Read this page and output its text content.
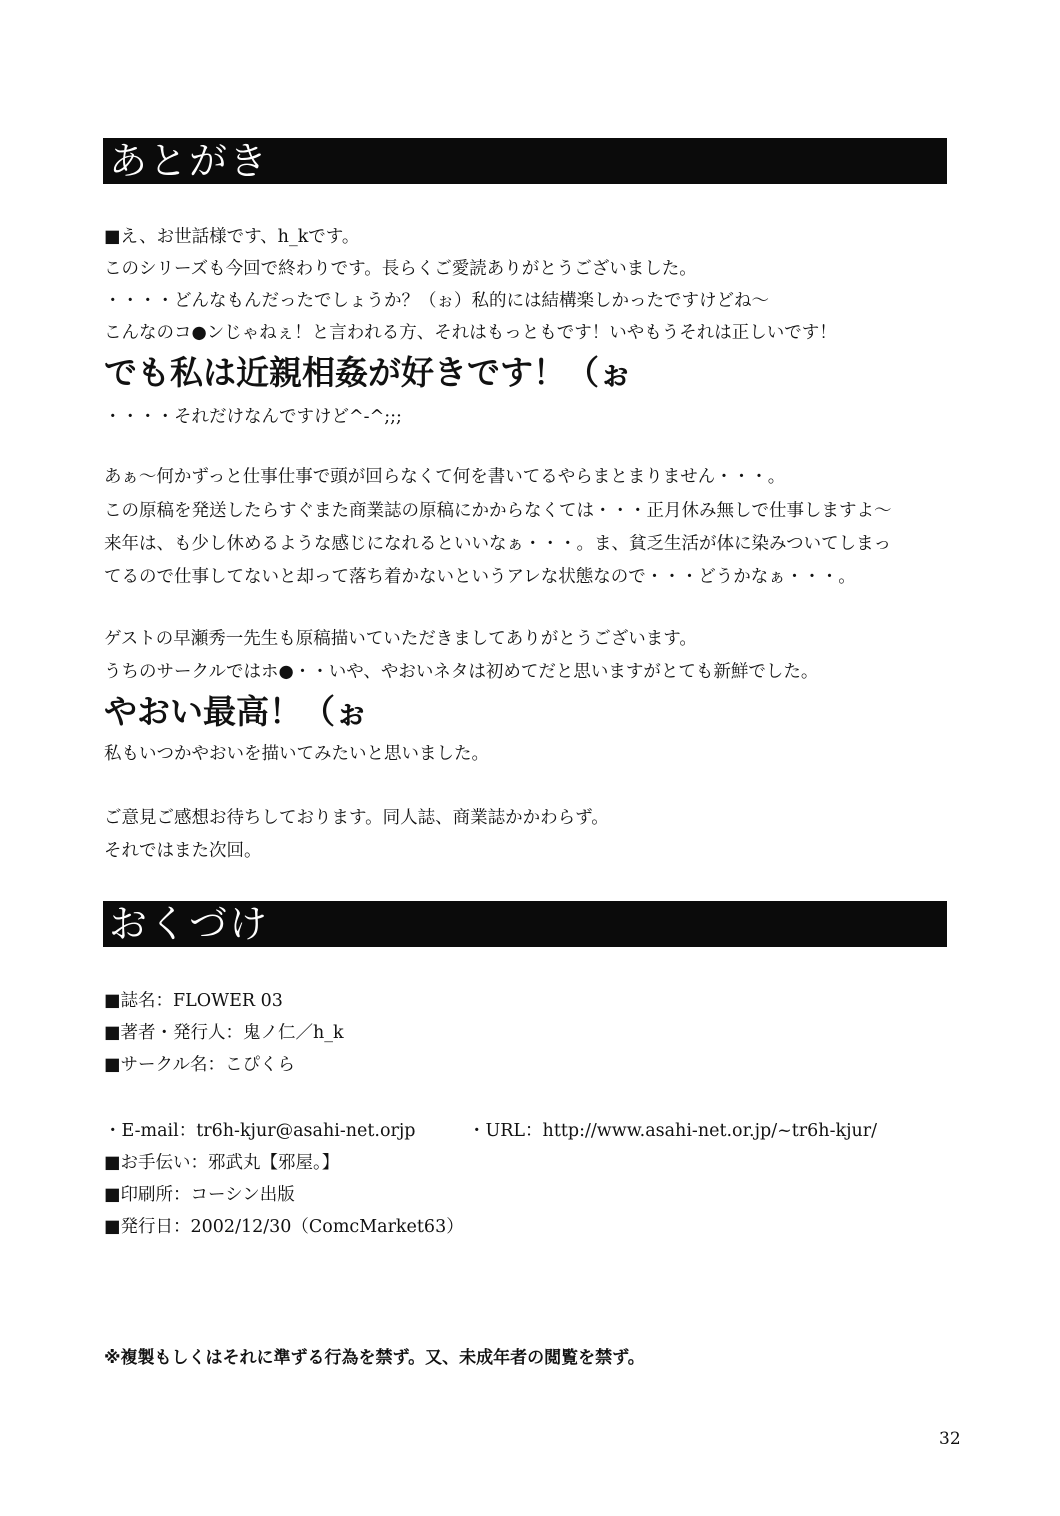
あとがき
■え、お世話様です、h_kです。
このシリーズも今回で終わりです。長らくご愛読ありがとうございました。
・・・・どんなもんだったでしょうか？（ぉ）私的には結構楽しかったですけどね～
こんなのコ●ンじゃねぇ！と言われる方、それはもっともです！いやもうそれは正しいです！
でも私は近親相姦が好きです！（ぉ
・・・・それだけなんですけど^-^;;;
あぁ～何かずっと仕事仕事で頭が回らなくて何を書いてるやらまとまりません・・・。
この原稿を発送したらすぐまた商業誌の原稿にかからなくては・・・正月休み無しで仕事しますよ～
来年は、も少し休めるような感じになれるといいなぁ・・・。ま、貧乏生活が体に染みついてしまっ
てるので仕事してないと却って落ち着かないというアレな状態なので・・・どうかなぁ・・・。
ゲストの早瀬秀一先生も原稿描いていただきましてありがとうございます。
うちのサークルではホ●・・いや、やおいネタは初めてだと思いますがとても新鮮でした。
やおい最高！（ぉ
私もいつかやおいを描いてみたいと思いました。
ご意見ご感想お待ちしております。同人誌、商業誌かかわらず。
それではまた次回。
おくづけ
■誌名：FLOWER 03
■著者・発行人：鬼ノ仁／h_k
■サークル名：こぴくら
・E-mail：tr6h-kjur@asahi-net.orjp	・URL：http://www.asahi-net.or.jp/~tr6h-kjur/
■お手伝い：邪武丸【邪屋。】
■印刷所：コーシン出版
■発行日：2002/12/30（ComcMarket63）
※複製もしくはそれに準ずる行為を禁ず。又、未成年者の閲覧を禁ず。
32
